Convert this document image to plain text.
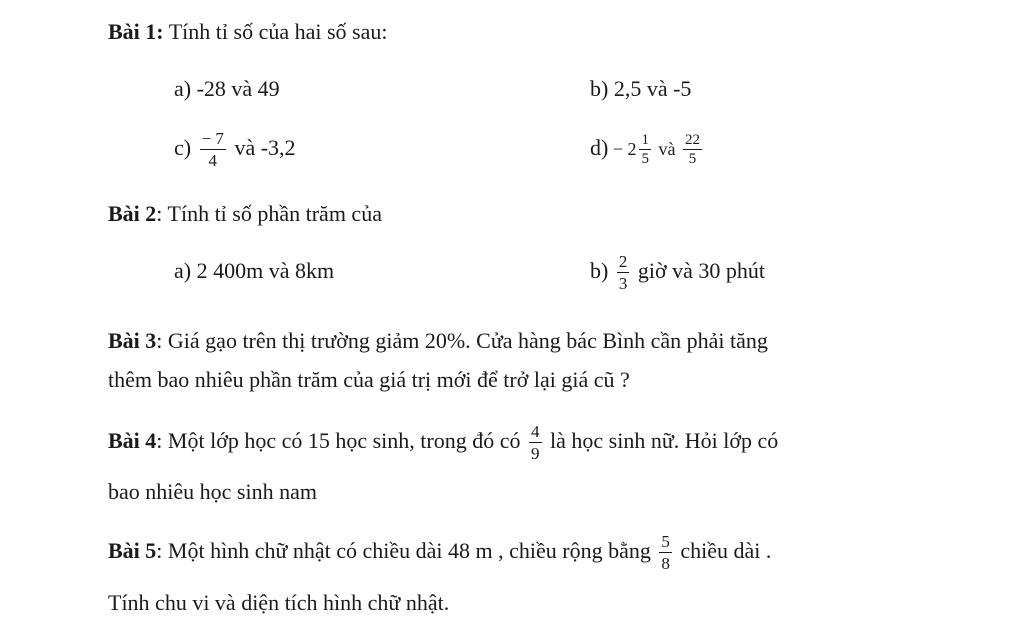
Bài 1: Tính tỉ số của hai số sau:
a) -28 và 49	b) 2,5 và -5
$c) \frac{- 7}{4}$ và -3,2	$d) - 2 \frac{1}{5}$ và $\frac{22}{5}$
Bài 2: Tính tỉ số phần trăm của
a) 2 400m và 8km	$b) \frac{2}{3}$ giờ và 30 phút
Bài 3: Giá gạo trên thị trường giảm 20%. Cửa hàng bác Bình cần phải tăng
thêm bao nhiêu phần trăm của giá trị mới để trở lại giá cũ ?
Bài 4: Một lớp học có 15 học sinh, trong đó có $\frac{4}{9}$ là học sinh nữ. Hỏi lớp có
bao nhiêu học sinh nam
Bài 5: Một hình chữ nhật có chiều dài 48 m , chiều rộng bằng $\frac{5}{8}$ chiều dài .
Tính chu vi và diện tích hình chữ nhật.
